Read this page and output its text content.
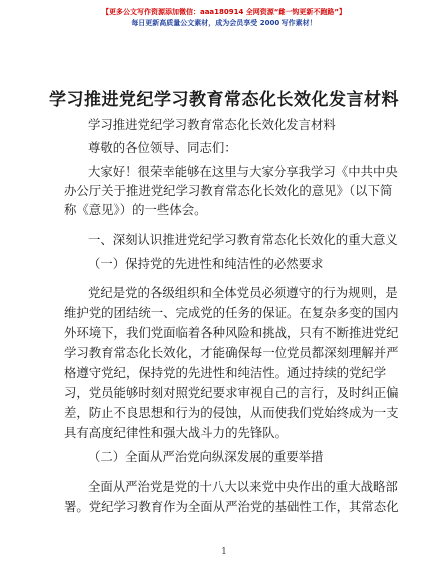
【更多公文写作资源添加微信：aaa180914 全网资源“雌一钩更新不跑路”】
每日更新高质量公文素材，成为会员享受 2000 写作素材！
学习推进党纪学习教育常态化长效化发言材料
学习推进党纪学习教育常态化长效化发言材料
尊敬的各位领导、同志们：
大家好！很荣幸能够在这里与大家分享我学习《中共中央
办公厅关于推进党纪学习教育常态化长效化的意见》（以下简
称《意见》）的一些体会。
一、深刻认识推进党纪学习教育常态化长效化的重大意义
（一）保持党的先进性和纯洁性的必然要求
党纪是党的各级组织和全体党员必须遵守的行为规则，是
维护党的团结统一、完成党的任务的保证。在复杂多变的国内
外环境下，我们党面临着各种风险和挑战，只有不断推进党纪
学习教育常态化长效化，才能确保每一位党员都深刻理解并严
格遵守党纪，保持党的先进性和纯洁性。通过持续的党纪学
习，党员能够时刻对照党纪要求审视自己的言行，及时纠正偏
差，防止不良思想和行为的侵蚀，从而使我们党始终成为一支
具有高度纪律性和强大战斗力的先锋队。
（二）全面从严治党向纵深发展的重要举措
全面从严治党是党的十八大以来党中央作出的重大战略部
署。党纪学习教育作为全面从严治党的基础性工作，其常态化
1
